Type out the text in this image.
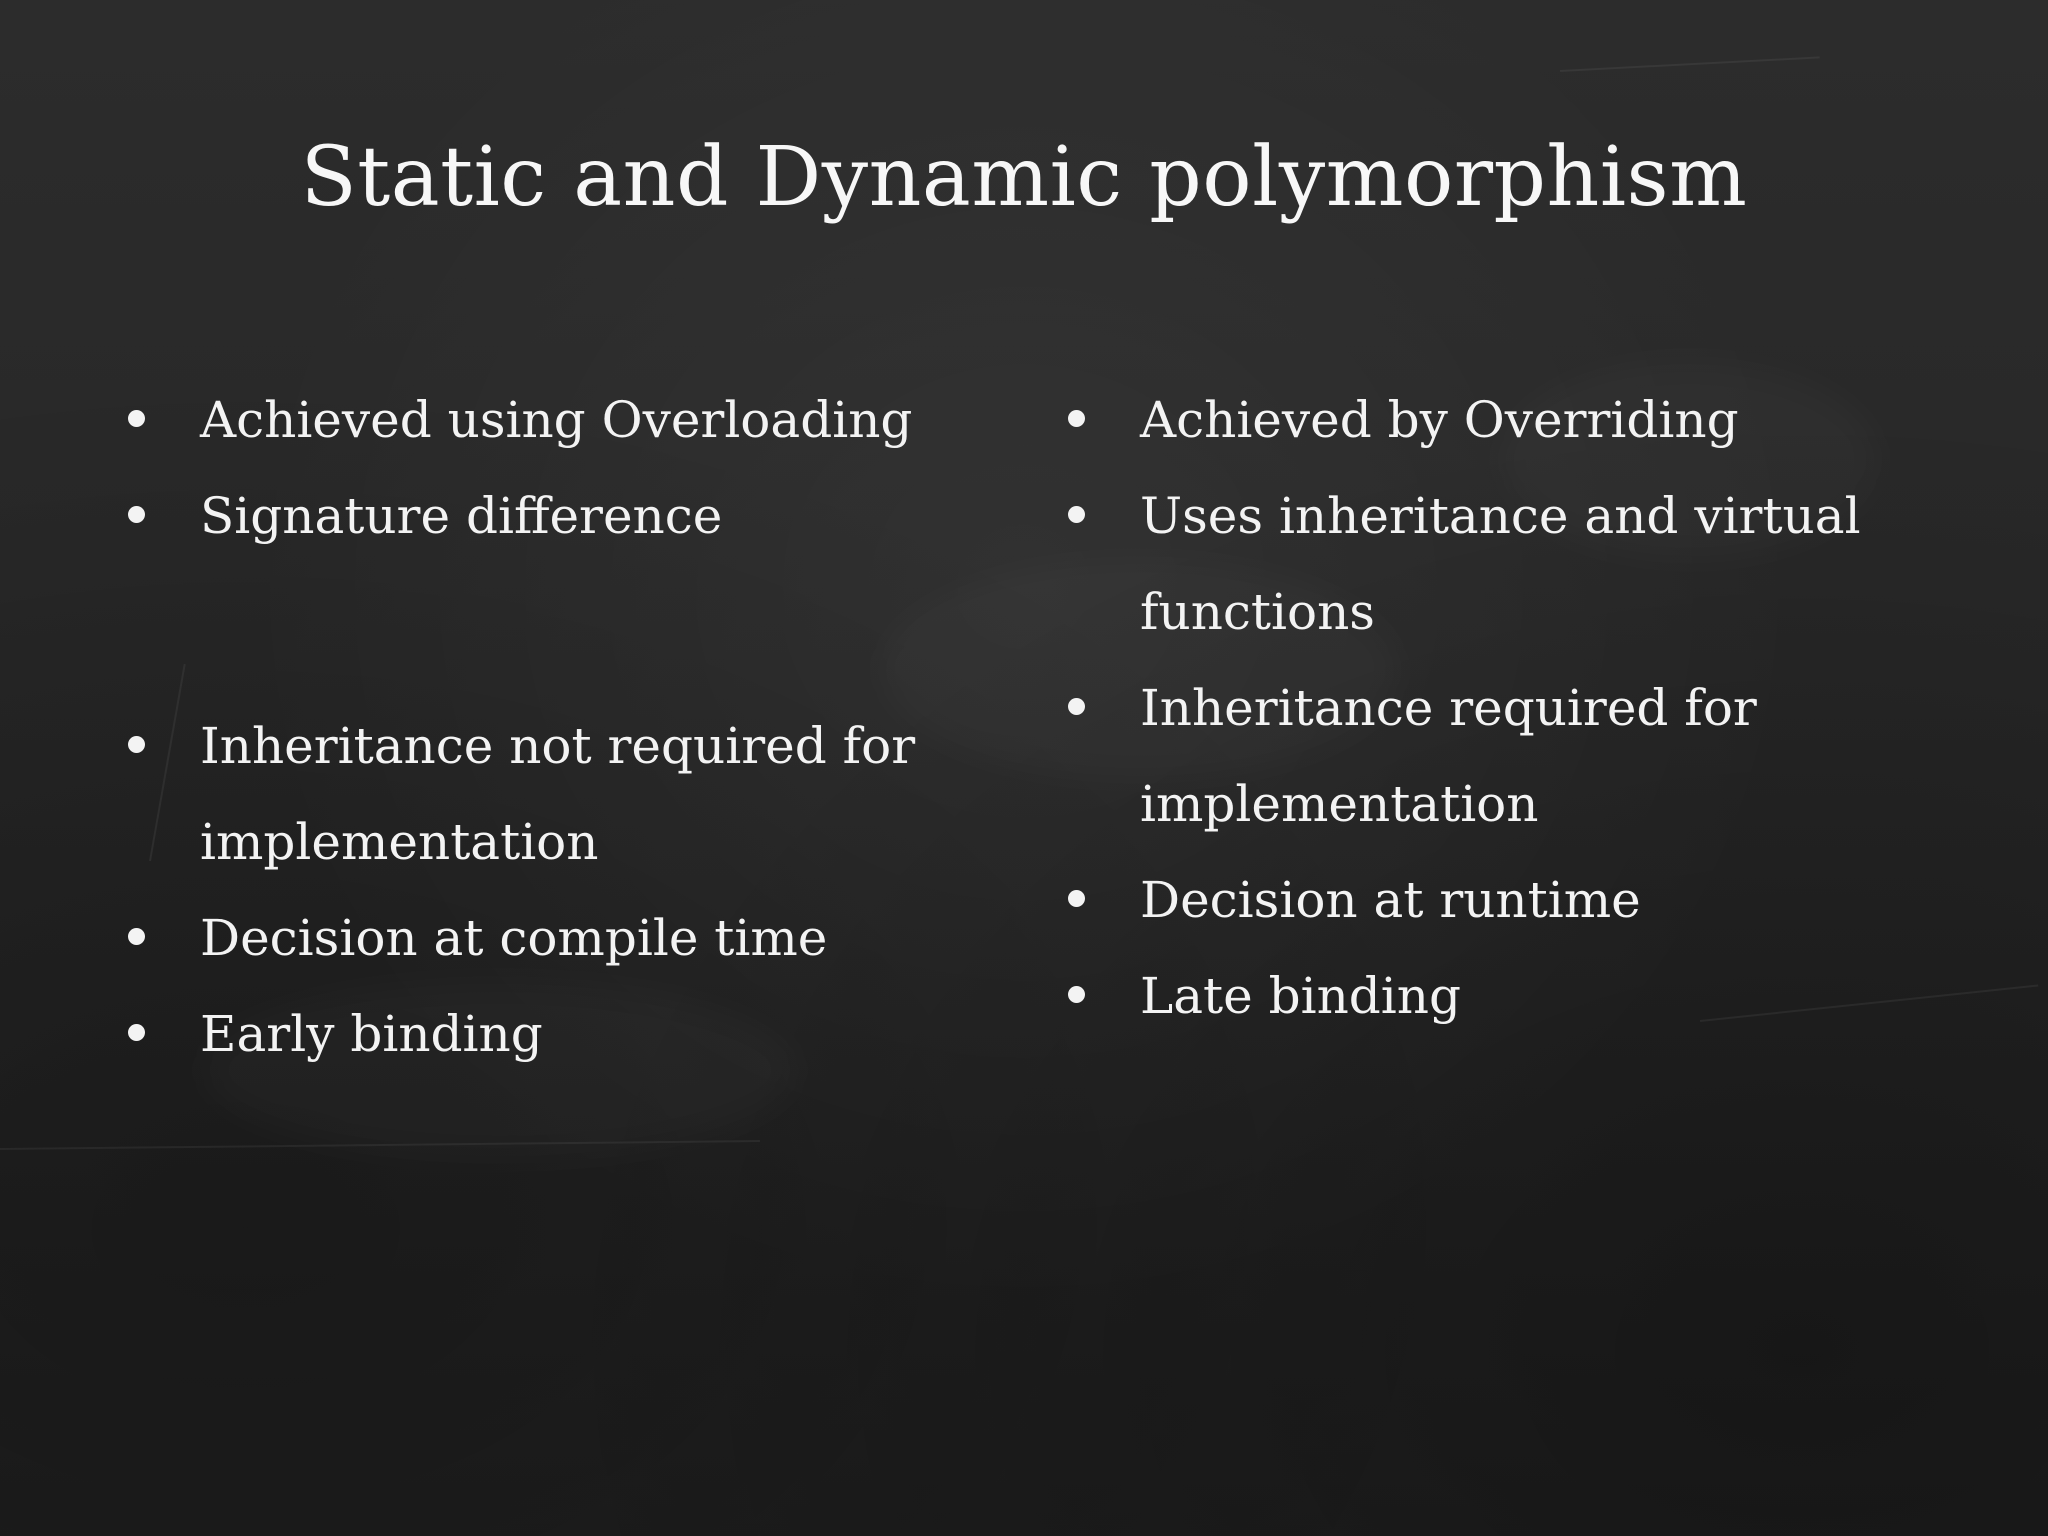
Static and Dynamic polymorphism
Achieved using Overloading
Signature difference
Inheritance not required for implementation
Decision at compile time
Early binding
Achieved by Overriding
Uses inheritance and virtual functions
Inheritance required for implementation
Decision at runtime
Late binding
